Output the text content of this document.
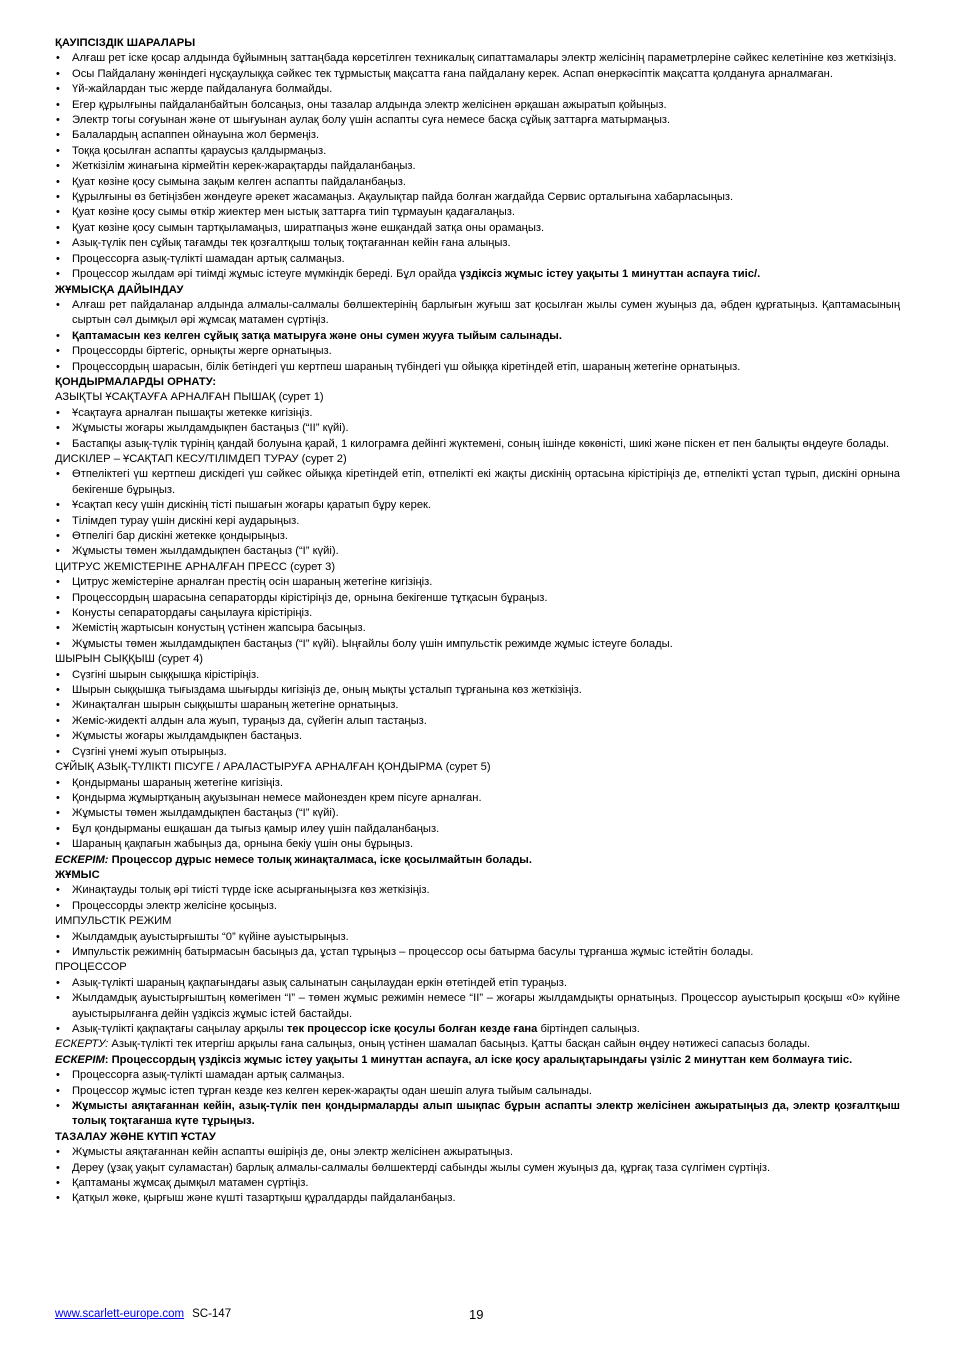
ҚАУІПСІЗДІК ШАРАЛАРЫ
• Алғаш рет іске қосар алдында бұйымның заттаңбада көрсетілген техникалық сипаттамалары электр желісінің параметрлеріне сәйкес келетініне көз жеткізіңіз.
• Осы Пайдалану жөніндегі нұсқаулыққа сәйкес тек тұрмыстық мақсатта ғана пайдалану керек. Аспап өнеркәсіптік мақсатта қолдануға арналмаған.
• Үй-жайлардан тыс жерде пайдалануға болмайды.
• Егер құрылғыны пайдаланбайтын болсаңыз, оны тазалар алдында электр желісінен әрқашан ажыратып қойыңыз.
• Электр тогы соғуынан және от шығуынан аулақ болу үшін аспапты суға немесе басқа сұйық заттарға матырмаңыз.
• Балалардың аспаппен ойнауына жол бермеңіз.
• Тоққа қосылған аспапты қараусыз қалдырмаңыз.
• Жеткізілім жинағына кірмейтін керек-жарақтарды пайдаланбаңыз.
• Қуат көзіне қосу сымына зақым келген аспапты пайдаланбаңыз.
• Құрылғыны өз бетіңізбен жөндеуге әрекет жасамаңыз. Ақаулықтар пайда болған жағдайда Сервис орталығына хабарласыңыз.
• Қуат көзіне қосу сымы өткір жиектер мен ыстық заттарға тиіп тұрмауын қадағалаңыз.
• Қуат көзіне қосу сымын тартқыламаңыз, ширатпаңыз және ешқандай затқа оны орамаңыз.
• Азық-түлік пен сұйық тағамды тек қозғалтқыш толық тоқтағаннан кейін ғана алыңыз.
• Процессорға азық-түлікті шамадан артық салмаңыз.
• Процессор жылдам әрі тиімді жұмыс істеуге мүмкіндік береді. Бұл орайда үздіксіз жұмыс істеу уақыты 1 минуттан аспауға тиіс/.
ЖҰМЫСҚА ДАЙЫНДАУ
• Алғаш рет пайдаланар алдында алмалы-салмалы бөлшектерінің барлығын жуғыш зат қосылған жылы сумен жуыңыз да, әбден құрғатыңыз. Қаптамасының сыртын сәл дымқыл әрі жұмсақ матамен сүртіңіз.
• Қаптамасын кез келген сұйық затқа матыруға және оны сумен жууға тыйым салынады.
• Процессорды біртегіс, орнықты жерге орнатыңыз.
• Процессордың шарасын, білік бетіндегі үш кертпеш шараның түбіндегі үш ойыққа кіретіндей етіп, шараның жетегіне орнатыңыз.
ҚОНДЫРМАЛАРДЫ ОРНАТУ:
АЗЫҚТЫ ҰСАҚТАУҒА АРНАЛҒАН ПЫШАҚ (сурет 1)
• Ұсақтауға арналған пышақты жетекке кигізіңіз.
• Жұмысты жоғары жылдамдықпен бастаңыз (“II” күйі).
• Бастапқы азық-түлік түрінің қандай болуына қарай, 1 килограмға дейінгі жүктемені, соның ішінде көкөністі, шикі және піскен ет пен балықты өңдеуге болады.
ДИСКІЛЕР – ҰСАҚТАП КЕСУ/ТІЛІМДЕП ТУРАУ (сурет 2)
• Өтпеліктегі үш кертпеш дискідегі үш сәйкес ойыққа кіретіндей етіп, өтпелікті екі жақты дискінің ортасына кірістіріңіз де, өтпелікті ұстап тұрып, дискіні орнына бекігенше бұрыңыз.
• Ұсақтап кесу үшін дискінің тісті пышағын жоғары қаратып бұру керек.
• Тілімдеп турау үшін дискіні кері аударыңыз.
• Өтпелігі бар дискіні жетекке қондырыңыз.
• Жұмысты төмен жылдамдықпен бастаңыз (“I” күйі).
ЦИТРУС ЖЕМІСТЕРІНЕ АРНАЛҒАН ПРЕСС (сурет 3)
• Цитрус жемістеріне арналған престің осін шараның жетегіне кигізіңіз.
• Процессордың шарасына сепараторды кірістіріңіз де, орнына бекігенше тұтқасын бұраңыз.
• Конусты сепаратордағы саңылауға кірістіріңіз.
• Жемістің жартысын конустың үстінен жапсыра басыңыз.
• Жұмысты төмен жылдамдықпен бастаңыз (“I” күйі). Ыңғайлы болу үшін импульстік режимде жұмыс істеуге болады.
ШЫРЫН СЫҚҚЫШ (сурет 4)
• Сүзгіні шырын сыққышқа кірістіріңіз.
• Шырын сыққышқа тығыздама шығырды кигізіңіз де, оның мықты ұсталып тұрғанына көз жеткізіңіз.
• Жинақталған шырын сыққышты шараның жетегіне орнатыңыз.
• Жеміс-жидекті алдын ала жуып, тураңыз да, сүйегін алып тастаңыз.
• Жұмысты жоғары жылдамдықпен бастаңыз.
• Сүзгіні үнемі жуып отырыңыз.
СҰЙЫҚ АЗЫҚ-ТҮЛІКТІ ПІСУГЕ / АРАЛАСТЫРУҒА АРНАЛҒАН ҚОНДЫРМА (сурет 5)
• Қондырманы шараның жетегіне кигізіңіз.
• Қондырма жұмыртқаның ақуызынан немесе майонезден крем пісуге арналған.
• Жұмысты төмен жылдамдықпен бастаңыз (“I” күйі).
• Бұл қондырманы ешқашан да тығыз қамыр илеу үшін пайдаланбаңыз.
• Шараның қақпағын жабыңыз да, орнына бекіу үшін оны бұрыңыз.
ЕСКЕРІМ: Процессор дұрыс немесе толық жинақталмаса, іске қосылмайтын болады.
ЖҰМЫС
• Жинақтауды толық әрі тиісті түрде іске асырғаныңызға көз жеткізіңіз.
• Процессорды электр желісіне қосыңыз.
ИМПУЛЬСТІК РЕЖИМ
• Жылдамдық ауыстырғышты “0” күйіне ауыстырыңыз.
• Импульстік режимнің батырмасын басыңыз да, ұстап тұрыңыз – процессор осы батырма басулы тұрғанша жұмыс істейтін болады.
ПРОЦЕССОР
• Азық-түлікті шараның қақпағындағы азық салынатын саңылаудан еркін өтетіндей етіп тураңыз.
• Жылдамдық ауыстырғыштың көмегімен “I” – төмен жұмыс режимін немесе “II” – жоғары жылдамдықты орнатыңыз. Процессор ауыстырып қосқыш «0» күйіне ауыстырылғанға дейін үздіксіз жұмыс істей бастайды.
• Азық-түлікті қақпақтағы саңылау арқылы тек процессор іске қосулы болған кезде ғана біртіндеп салыңыз.
ЕСКЕРТУ: Азық-түлікті тек итергіш арқылы ғана салыңыз, оның үстінен шамалап басыңыз. Қатты басқан сайын өңдеу нәтижесі сапасыз болады.
ЕСКЕРІМ: Процессордың үздіксіз жұмыс істеу уақыты 1 минуттан аспауға, ал іске қосу аралықтарындағы үзіліс 2 минуттан кем болмауға тиіс.
• Процессорға азық-түлікті шамадан артық салмаңыз.
• Процессор жұмыс істеп тұрған кезде кез келген керек-жарақты одан шешіп алуға тыйым салынады.
• Жұмысты аяқтағаннан кейін, азық-түлік пен қондырмаларды алып шықпас бұрын аспапты электр желісінен ажыратыңыз да, электр қозғалтқыш толық тоқтағанша күте тұрыңыз.
ТАЗАЛАУ ЖӘНЕ КҮТІП ҰСТАУ
• Жұмысты аяқтағаннан кейін аспапты өшіріңіз де, оны электр желісінен ажыратыңыз.
• Дереу (ұзақ уақыт суламастан) барлық алмалы-салмалы бөлшектерді сабынды жылы сумен жуыңыз да, құрғақ таза сүлгімен сүртіңіз.
• Қаптаманы жұмсақ дымқыл матамен сүртіңіз.
• Қатқыл жөке, қырғыш және күшті тазартқыш құралдарды пайдаланбаңыз.
www.scarlett-europe.com SC-147	19
